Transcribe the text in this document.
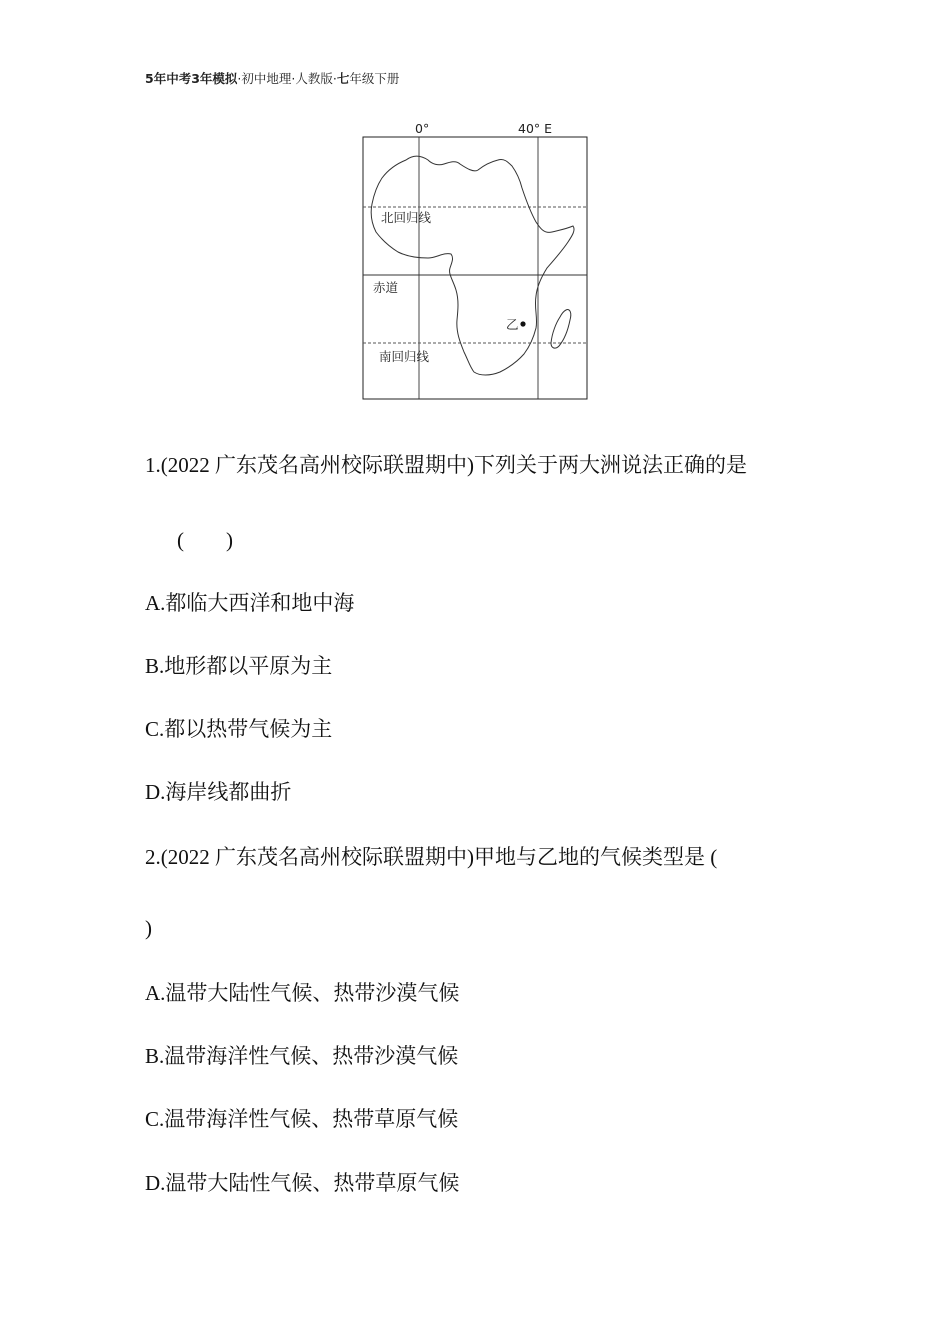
5年中考3年模拟·初中地理·人教版·七年级下册
0°	40° E
北回归线
赤道
南回归线
乙
1.(2022 广东茂名高州校际联盟期中)下列关于两大洲说法正确的是
(　　)
A.都临大西洋和地中海
B.地形都以平原为主
C.都以热带气候为主
D.海岸线都曲折
2.(2022 广东茂名高州校际联盟期中)甲地与乙地的气候类型是 (
)
A.温带大陆性气候、热带沙漠气候
B.温带海洋性气候、热带沙漠气候
C.温带海洋性气候、热带草原气候
D.温带大陆性气候、热带草原气候
